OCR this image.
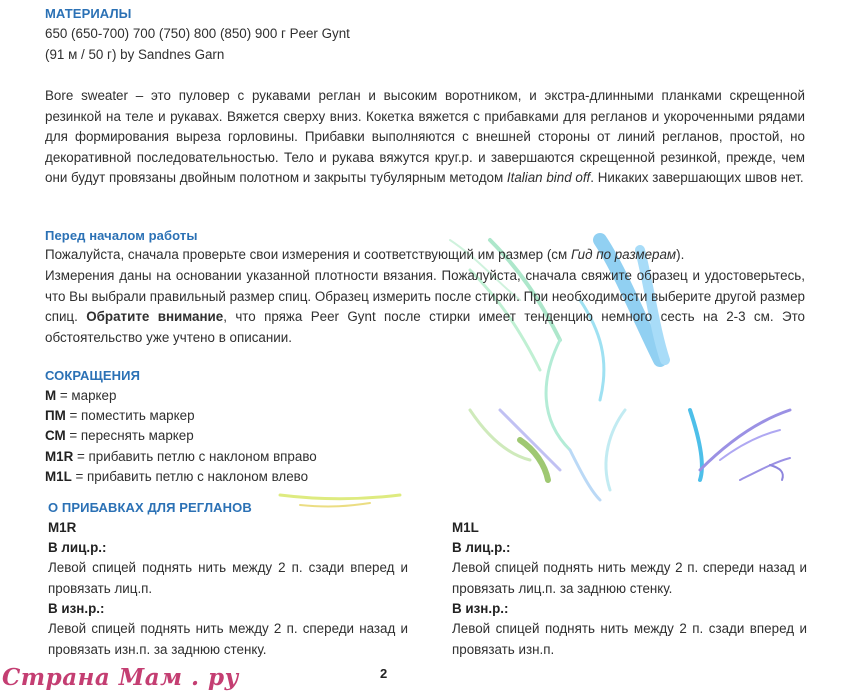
МАТЕРИАЛЫ

650 (650-700) 700 (750) 800 (850) 900 г Peer Gynt
(91 м / 50 г) by Sandnes Garn

Bore sweater – это пуловер с рукавами реглан и высоким воротником, и экстра-длинными планками скрещенной резинкой на теле и рукавах. Вяжется сверху вниз. Кокетка вяжется с прибавками для регланов и укороченными рядами для формирования выреза горловины. Прибавки выполняются с внешней стороны от линий регланов, простой, но декоративной последовательностью. Тело и рукава вяжутся круг.р. и завершаются скрещенной резинкой, прежде, чем они будут провязаны двойным полотном и закрыты тубулярным методом Italian bind off. Никаких завершающих швов нет.

Перед началом работы

Пожалуйста, сначала проверьте свои измерения и соответствующий им размер (см Гид по размерам).

Измерения даны на основании указанной плотности вязания. Пожалуйста, сначала свяжите образец и удостоверьтесь, что Вы выбрали правильный размер спиц. Образец измерить после стирки. При необходимости выберите другой размер спиц. Обратите внимание, что пряжа Peer Gynt после стирки имеет тенденцию немного сесть на 2-3 см. Это обстоятельство уже учтено в описании.

СОКРАЩЕНИЯ
М = маркер
ПМ = поместить маркер
СМ = переснять маркер
M1R = прибавить петлю с наклоном вправо
M1L = прибавить петлю с наклоном влево
О ПРИБАВКАХ ДЛЯ РЕГЛАНОВ
M1R
В лиц.р.:
Левой спицей поднять нить между 2 п. сзади вперед и провязать лиц.п.
В изн.р.:
Левой спицей поднять нить между 2 п. спереди назад и провязать изн.п. за заднюю стенку.
M1L
В лиц.р.:
Левой спицей поднять нить между 2 п. спереди назад и провязать лиц.п. за заднюю стенку.
В изн.р.:
Левой спицей поднять нить между 2 п. сзади вперед и провязать изн.п.
2
Страна Мам . ру
